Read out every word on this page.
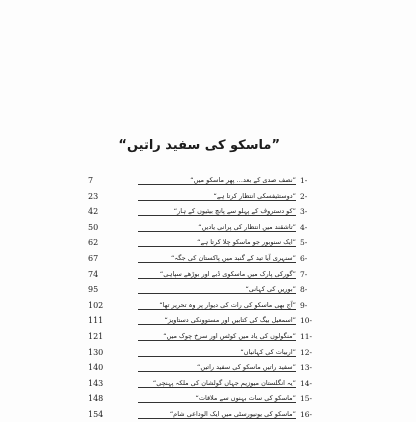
”ماسکو کی سفید راتیں“
7	”نصف صدی کے بعد… پھر ماسکو میں“ 1-
23	”دوستئیفسکی انتظار کرتا ہے“ 2-
42	”کو دستروف کے پہلو سے پانچ بیئیوں کے ہار“ 3-
50	”تاشقند میں انتظار کی پرانی یادیں“ 4-
62	”ایک سنوبور جو ماسکو چلا کرتا ہے“ 5-
67	”سنہری آیا تید کے گنبد میں پاکستان کی جگہ“ 6-
74	”گورکی پارک میں ماسکوی ڈبے اور بوڑھے سپاہی“ 7-
95	”بوریں کی کہانی“ 8-
102	”آج بھی ماسکو کی رات کی دیوار پر وہ تحریر تھا“ 9-
111	”اسمعیل بیگ کی کتابیں اور مستوونکی دستاویز“ 10-
121	”منگولوں کی یاد میں کوٹس اور سرخ چوک میں“ 11-
130	”اربیات کی کہانیاں“ 12-
140	”سفید راتیں ماسکو کی سفید راتیں“ 13-
143	”یہ انگلستان میوزیم جہاں گولشان کی ملکہ پہنچی“ 14-
148	”ماسکو کی سات بہنوں سے ملاقات“ 15-
154	”ماسکو کی یونیورسٹی میں ایک الوداعی شام“ 16-
